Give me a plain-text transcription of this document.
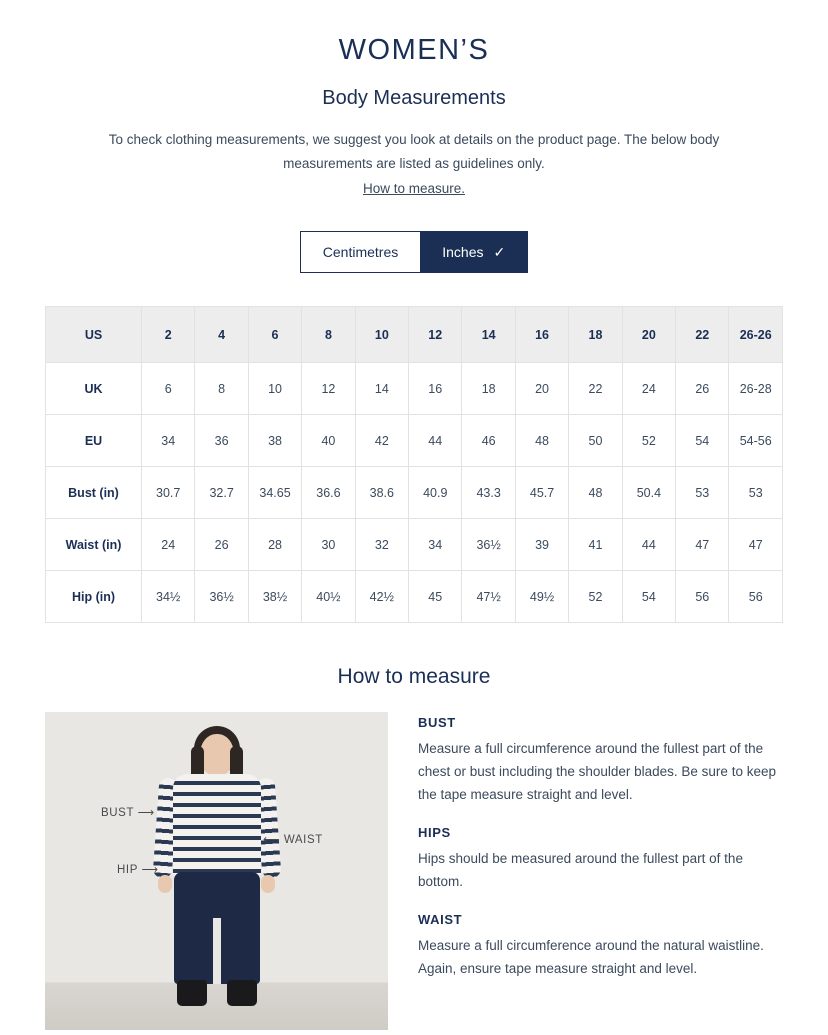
WOMEN’S
Body Measurements
To check clothing measurements, we suggest you look at details on the product page. The below body measurements are listed as guidelines only.
How to measure.
Centimetres	Inches ✓
US	2	4	6	8	10	12	14	16	18	20	22	26-26
UK	6	8	10	12	14	16	18	20	22	24	26	26-28
EU	34	36	38	40	42	44	46	48	50	52	54	54-56
Bust (in)	30.7	32.7	34.65	36.6	38.6	40.9	43.3	45.7	48	50.4	53	53
Waist (in)	24	26	28	30	32	34	36½	39	41	44	47	47
Hip (in)	34½	36½	38½	40½	42½	45	47½	49½	52	54	56	56
How to measure
BUST ⟶
⟵ WAIST
HIP ⟶
BUST
Measure a full circumference around the fullest part of the chest or bust including the shoulder blades. Be sure to keep the tape measure straight and level.
HIPS
Hips should be measured around the fullest part of the bottom.
WAIST
Measure a full circumference around the natural waistline. Again, ensure tape measure straight and level.
